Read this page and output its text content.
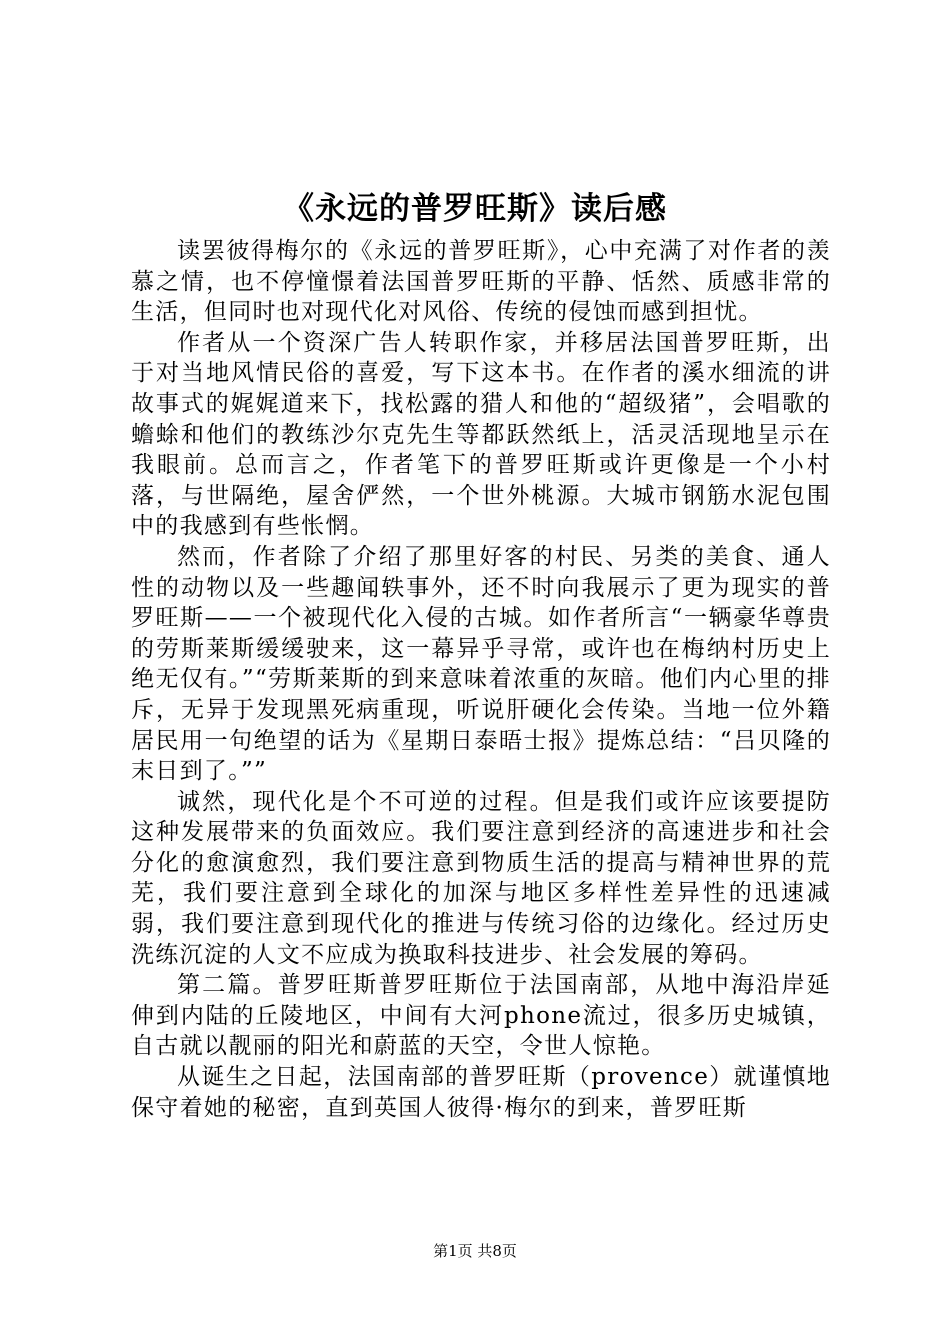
《永远的普罗旺斯》读后感

读罢彼得梅尔的《永远的普罗旺斯》，心中充满了对作者的羡慕之情，也不停憧憬着法国普罗旺斯的平静、恬然、质感非常的生活，但同时也对现代化对风俗、传统的侵蚀而感到担忧。

作者从一个资深广告人转职作家，并移居法国普罗旺斯，出于对当地风情民俗的喜爱，写下这本书。在作者的溪水细流的讲故事式的娓娓道来下，找松露的猎人和他的“超级猪”，会唱歌的蟾蜍和他们的教练沙尔克先生等都跃然纸上，活灵活现地呈示在我眼前。总而言之，作者笔下的普罗旺斯或许更像是一个小村落，与世隔绝，屋舍俨然，一个世外桃源。大城市钢筋水泥包围中的我感到有些怅惘。

然而，作者除了介绍了那里好客的村民、另类的美食、通人性的动物以及一些趣闻轶事外，还不时向我展示了更为现实的普罗旺斯——一个被现代化入侵的古城。如作者所言“一辆豪华尊贵的劳斯莱斯缓缓驶来，这一幕异乎寻常，或许也在梅纳村历史上绝无仅有。”“劳斯莱斯的到来意味着浓重的灰暗。他们内心里的排斥，无异于发现黑死病重现，听说肝硬化会传染。当地一位外籍居民用一句绝望的话为《星期日泰晤士报》提炼总结：“吕贝隆的末日到了。””

诚然，现代化是个不可逆的过程。但是我们或许应该要提防这种发展带来的负面效应。我们要注意到经济的高速进步和社会分化的愈演愈烈，我们要注意到物质生活的提高与精神世界的荒芜，我们要注意到全球化的加深与地区多样性差异性的迅速减弱，我们要注意到现代化的推进与传统习俗的边缘化。经过历史洗练沉淀的人文不应成为换取科技进步、社会发展的筹码。

第二篇。普罗旺斯普罗旺斯位于法国南部，从地中海沿岸延伸到内陆的丘陵地区，中间有大河phone流过，很多历史城镇，自古就以靓丽的阳光和蔚蓝的天空，令世人惊艳。

从诞生之日起，法国南部的普罗旺斯（provence）就谨慎地保守着她的秘密，直到英国人彼得·梅尔的到来，普罗旺斯

第1页 共8页
